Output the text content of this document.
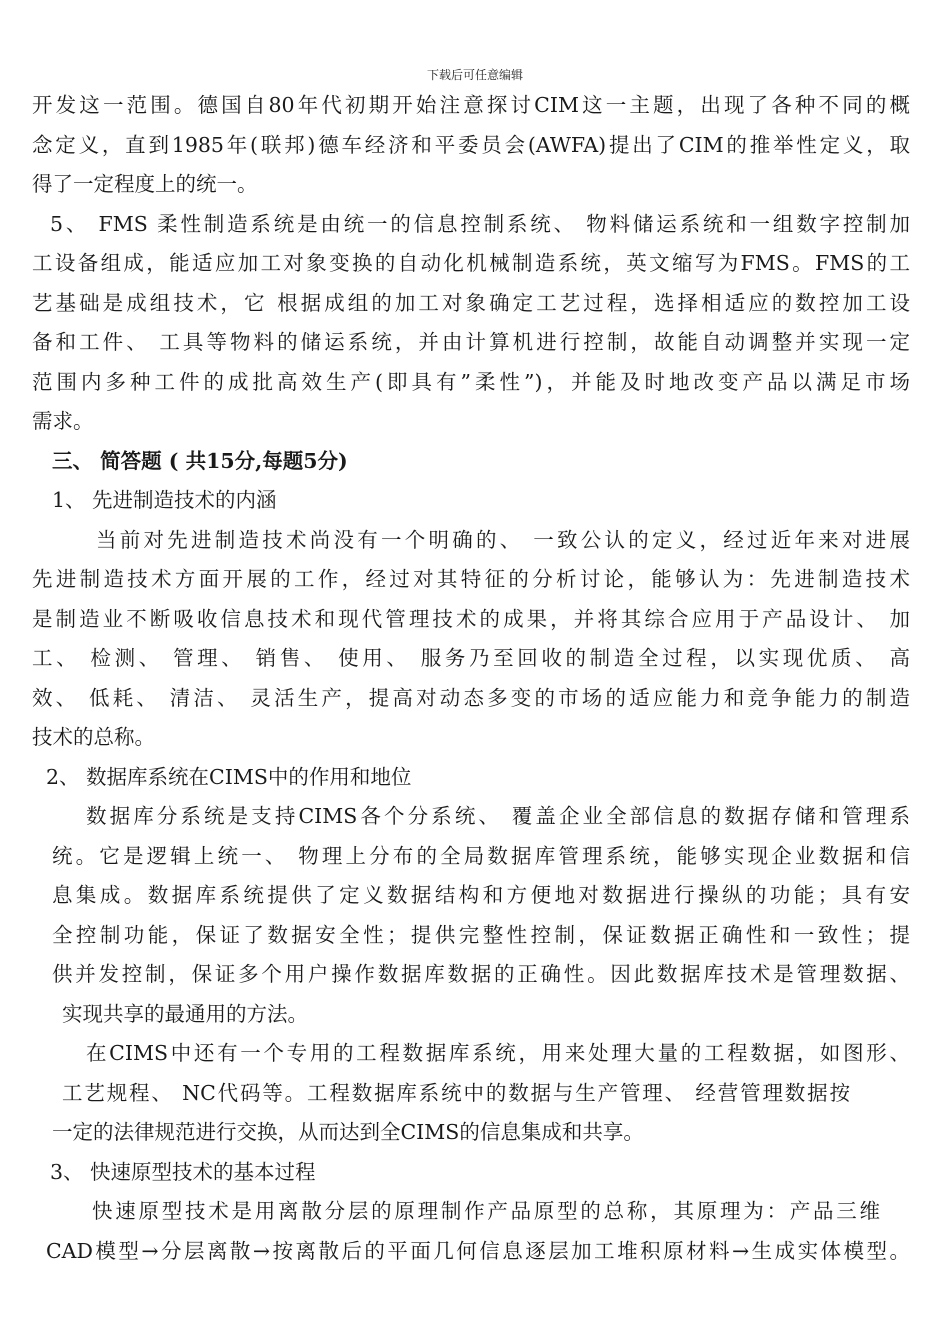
下载后可任意编辑
开发这一范围。德国自80年代初期开始注意探讨CIM这一主题，出现了各种不同的概
念定义，直到1985年(联邦)德车经济和平委员会(AWFA)提出了CIM的推举性定义，取
得了一定程度上的统一。
5、 FMS 柔性制造系统是由统一的信息控制系统、 物料储运系统和一组数字控制加
工设备组成，能适应加工对象变换的自动化机械制造系统，英文缩写为FMS。FMS的工
艺基础是成组技术，它 根据成组的加工对象确定工艺过程，选择相适应的数控加工设
备和工件、 工具等物料的储运系统，并由计算机进行控制，故能自动调整并实现一定
范围内多种工件的成批高效生产(即具有”柔性”)，并能及时地改变产品以满足市场
需求。
三、 简答题 ( 共15分,每题5分)
1、 先进制造技术的内涵
当前对先进制造技术尚没有一个明确的、 一致公认的定义，经过近年来对进展
先进制造技术方面开展的工作，经过对其特征的分析讨论，能够认为：先进制造技术
是制造业不断吸收信息技术和现代管理技术的成果，并将其综合应用于产品设计、 加
工、 检测、 管理、 销售、 使用、 服务乃至回收的制造全过程，以实现优质、 高
效、 低耗、 清洁、 灵活生产，提高对动态多变的市场的适应能力和竞争能力的制造
技术的总称。
2、 数据库系统在CIMS中的作用和地位
数据库分系统是支持CIMS各个分系统、 覆盖企业全部信息的数据存储和管理系
统。它是逻辑上统一、 物理上分布的全局数据库管理系统，能够实现企业数据和信
息集成。数据库系统提供了定义数据结构和方便地对数据进行操纵的功能；具有安
全控制功能，保证了数据安全性；提供完整性控制，保证数据正确性和一致性；提
供并发控制，保证多个用户操作数据库数据的正确性。因此数据库技术是管理数据、
实现共享的最通用的方法。
在CIMS中还有一个专用的工程数据库系统，用来处理大量的工程数据，如图形、
工艺规程、 NC代码等。工程数据库系统中的数据与生产管理、 经营管理数据按
一定的法律规范进行交换，从而达到全CIMS的信息集成和共享。
3、 快速原型技术的基本过程
快速原型技术是用离散分层的原理制作产品原型的总称，其原理为：产品三维
CAD模型→分层离散→按离散后的平面几何信息逐层加工堆积原材料→生成实体模型。
